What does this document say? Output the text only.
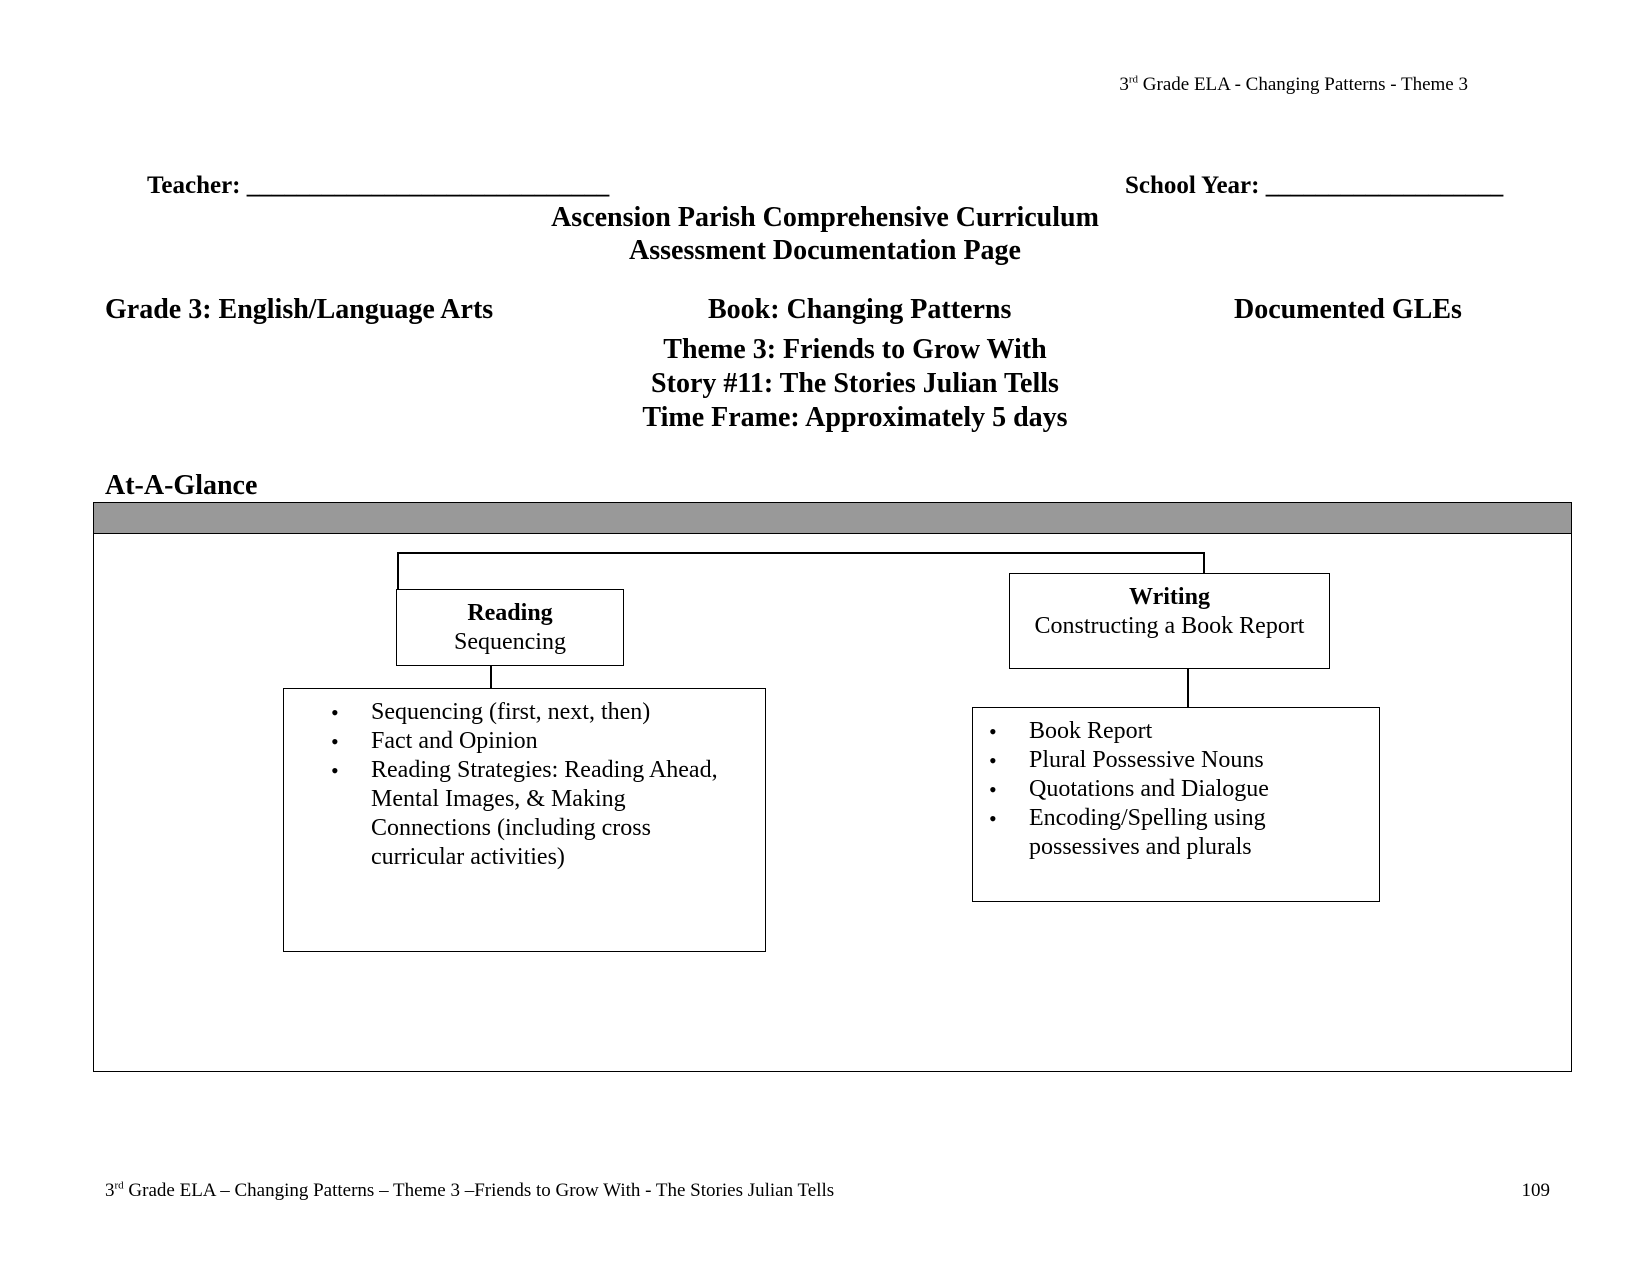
3rd Grade ELA - Changing Patterns - Theme 3
Teacher: _____________________________	School Year: ___________________
Ascension Parish Comprehensive Curriculum
Assessment Documentation Page
Grade 3: English/Language Arts	Book: Changing Patterns	Documented GLEs
Theme 3: Friends to Grow With
Story #11: The Stories Julian Tells
Time Frame: Approximately 5 days
At-A-Glance
Reading
Sequencing
Writing
Constructing a Book Report
• Sequencing (first, next, then)
• Fact and Opinion
• Reading Strategies: Reading Ahead, Mental Images, & Making Connections (including cross curricular activities)
• Book Report
• Plural Possessive Nouns
• Quotations and Dialogue
• Encoding/Spelling using possessives and plurals
3rd Grade ELA – Changing Patterns – Theme 3 –Friends to Grow With - The Stories Julian Tells	109
